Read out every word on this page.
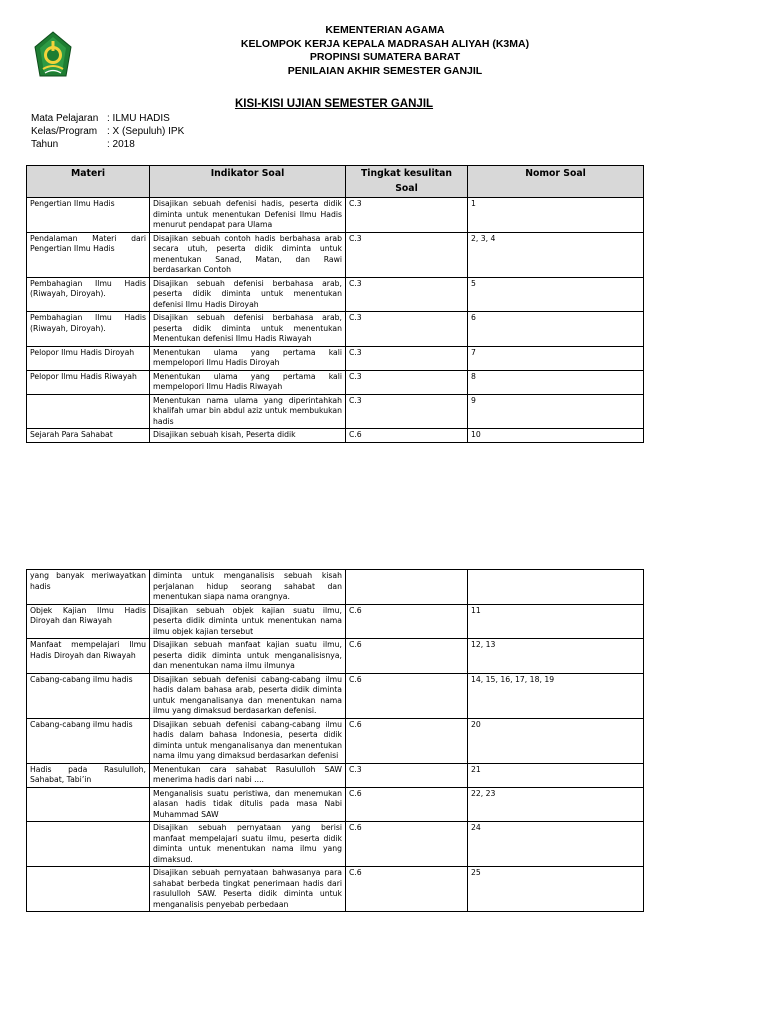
KEMENTERIAN AGAMA
KELOMPOK KERJA KEPALA MADRASAH ALIYAH (K3MA)
PROPINSI SUMATERA BARAT
PENILAIAN AKHIR SEMESTER GANJIL
KISI-KISI UJIAN SEMESTER GANJIL
Mata Pelajaran : ILMU HADIS
Kelas/Program : X (Sepuluh) IPK
Tahun	: 2018
Materi	Indikator Soal	Tingkat kesulitan Soal	Nomor Soal
Pengertian Ilmu Hadis	Disajikan sebuah defenisi hadis, peserta didik diminta untuk menentukan Defenisi Ilmu Hadis menurut pendapat para Ulama	C.3	1
Pendalaman Materi dari Pengertian Ilmu Hadis	Disajikan sebuah contoh hadis berbahasa arab secara utuh, peserta didik diminta untuk menentukan Sanad, Matan, dan Rawi berdasarkan Contoh	C.3	2, 3, 4
Pembahagian Ilmu Hadis (Riwayah, Diroyah).	Disajikan sebuah defenisi berbahasa arab, peserta didik diminta untuk menentukan defenisi Ilmu Hadis Diroyah	C.3	5
Pembahagian Ilmu Hadis (Riwayah, Diroyah).	Disajikan sebuah defenisi berbahasa arab, peserta didik diminta untuk menentukan Menentukan defenisi Ilmu Hadis Riwayah	C.3	6
Pelopor Ilmu Hadis Diroyah	Menentukan ulama yang pertama kali mempelopori Ilmu Hadis Diroyah	C.3	7
Pelopor Ilmu Hadis Riwayah	Menentukan ulama yang pertama kali mempelopori Ilmu Hadis Riwayah	C.3	8
	Menentukan nama ulama yang diperintahkah khalifah umar bin abdul aziz untuk membukukan hadis	C.3	9
Sejarah Para Sahabat	Disajikan sebuah kisah, Peserta didik	C.6	10
yang banyak meriwayatkan hadis	diminta untuk menganalisis sebuah kisah perjalanan hidup seorang sahabat dan menentukan siapa nama orangnya.		
Objek Kajian Ilmu Hadis Diroyah dan Riwayah	Disajikan sebuah objek kajian suatu ilmu, peserta didik diminta untuk menentukan nama ilmu objek kajian tersebut	C.6	11
Manfaat mempelajari Ilmu Hadis Diroyah dan Riwayah	Disajikan sebuah manfaat kajian suatu ilmu, peserta didik diminta untuk menganalisisnya, dan menentukan nama ilmu ilmunya	C.6	12, 13
Cabang-cabang ilmu hadis	Disajikan sebuah defenisi cabang-cabang ilmu hadis dalam bahasa arab, peserta didik diminta untuk menganalisanya dan menentukan nama ilmu yang dimaksud berdasarkan defenisi.	C.6	14, 15, 16, 17, 18, 19
Cabang-cabang ilmu hadis	Disajikan sebuah defenisi cabang-cabang ilmu hadis dalam bahasa Indonesia, peserta didik diminta untuk menganalisanya dan menentukan nama ilmu yang dimaksud berdasarkan defenisi	C.6	20
Hadis pada Rasululloh, Sahabat, Tabi’in	Menentukan cara sahabat Rasululloh SAW menerima hadis dari nabi ....	C.3	21
	Menganalisis suatu peristiwa, dan menemukan alasan hadis tidak ditulis pada masa Nabi Muhammad SAW	C.6	22, 23
	Disajikan sebuah pernyataan yang berisi manfaat mempelajari suatu ilmu, peserta didik diminta untuk menentukan nama ilmu yang dimaksud.	C.6	24
	Disajikan sebuah pernyataan bahwasanya para sahabat berbeda tingkat penerimaan hadis dari rasululloh SAW. Peserta didik diminta untuk menganalisis penyebab perbedaan	C.6	25
